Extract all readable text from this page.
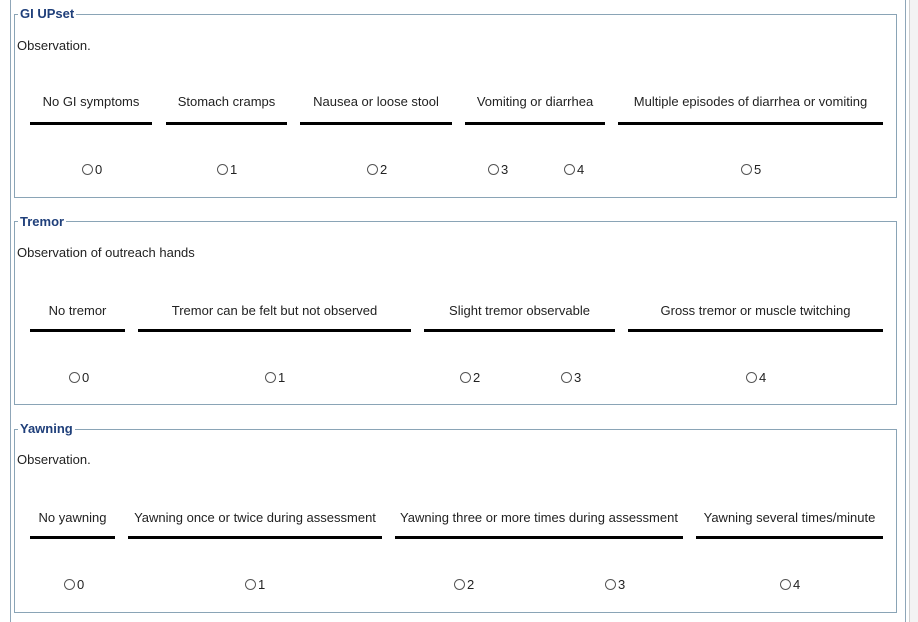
GI UPset
Observation.
No GI symptoms	Stomach cramps	Nausea or loose stool	Vomiting or diarrhea	Multiple episodes of diarrhea or vomiting
0	1	2	3	4	5
Tremor
Observation of outreach hands
No tremor	Tremor can be felt but not observed	Slight tremor observable	Gross tremor or muscle twitching
0	1	2	3	4
Yawning
Observation.
No yawning	Yawning once or twice during assessment	Yawning three or more times during assessment	Yawning several times/minute
0	1	2	3	4
